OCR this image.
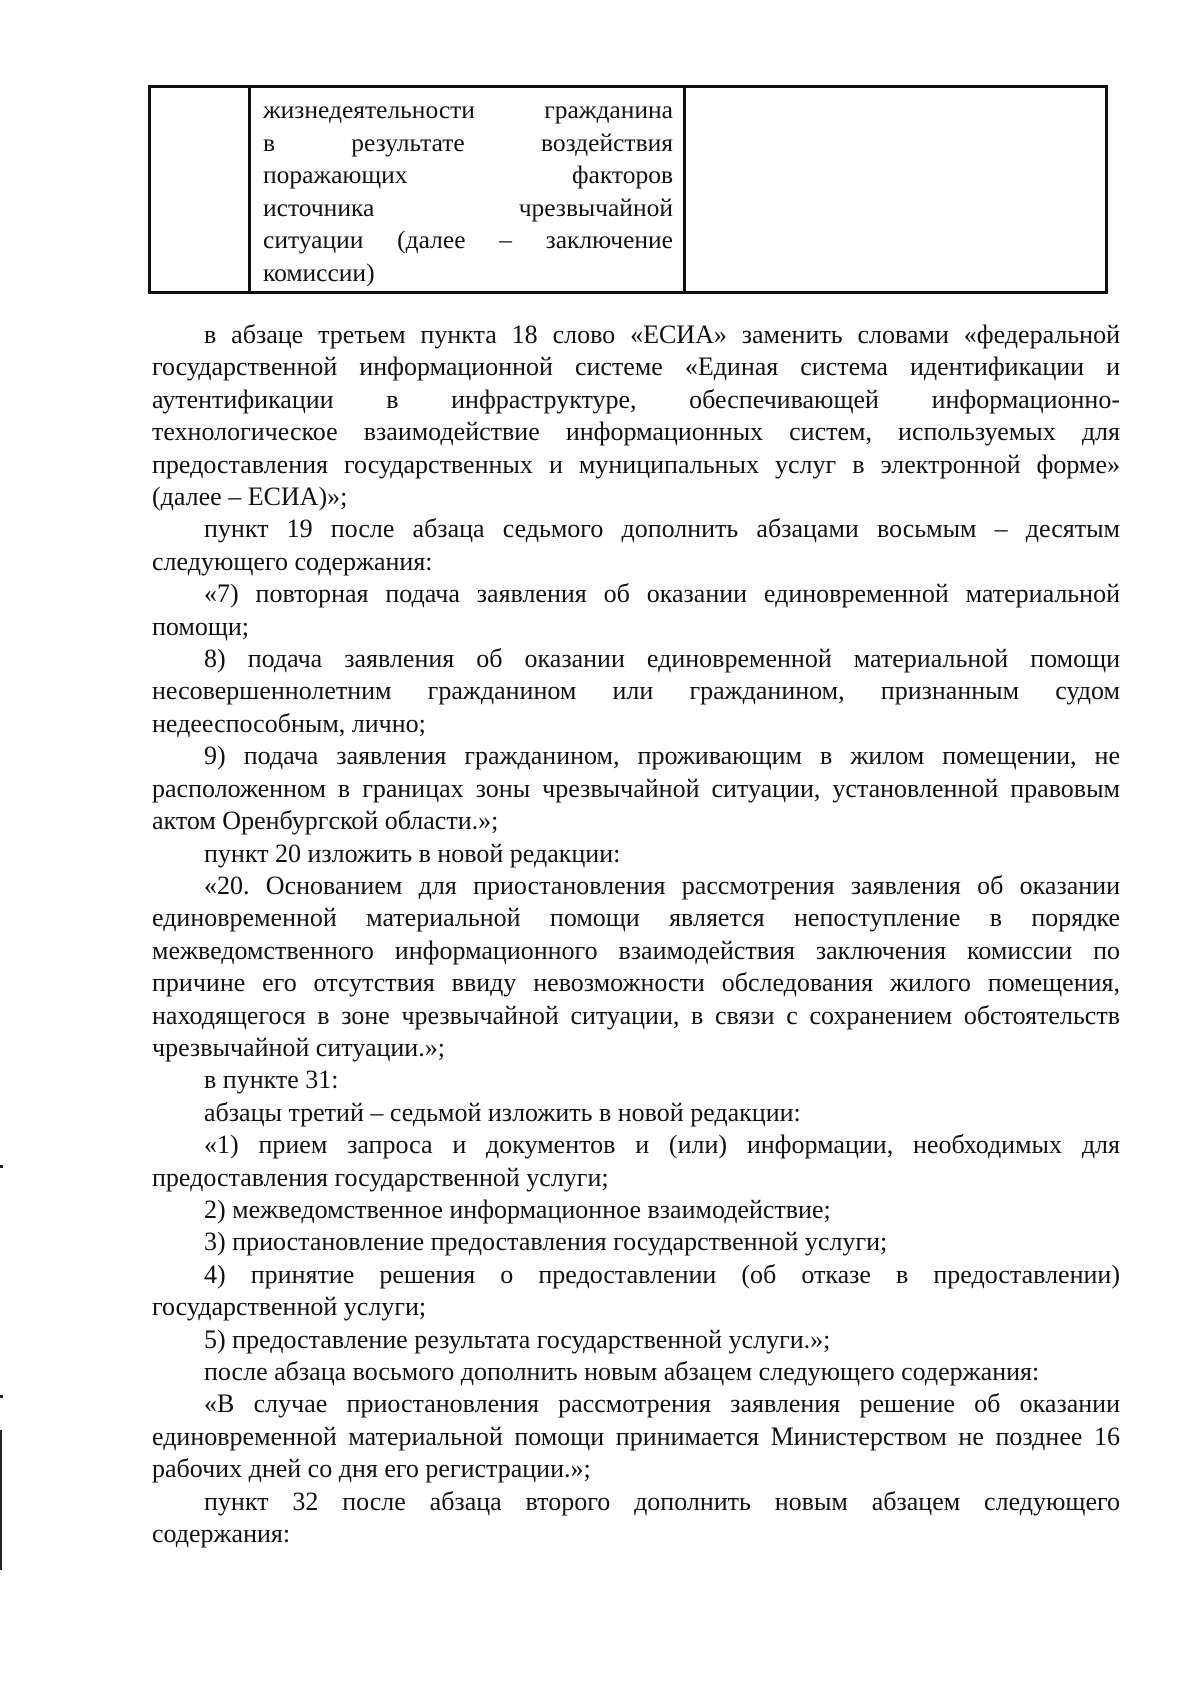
жизнедеятельности гражданина
в результате воздействия
поражающих факторов
источника чрезвычайной
ситуации (далее – заключение
комиссии)

в абзаце третьем пункта 18 слово «ЕСИА» заменить словами «федеральной государственной информационной системе «Единая система идентификации и аутентификации в инфраструктуре, обеспечивающей информационно-технологическое взаимодействие информационных систем, используемых для предоставления государственных и муниципальных услуг в электронной форме» (далее – ЕСИА)»;

пункт 19 после абзаца седьмого дополнить абзацами восьмым – десятым следующего содержания:

«7) повторная подача заявления об оказании единовременной материальной помощи;

8) подача заявления об оказании единовременной материальной помощи несовершеннолетним гражданином или гражданином, признанным судом недееспособным, лично;

9) подача заявления гражданином, проживающим в жилом помещении, не расположенном в границах зоны чрезвычайной ситуации, установленной правовым актом Оренбургской области.»;

пункт 20 изложить в новой редакции:

«20. Основанием для приостановления рассмотрения заявления об оказании единовременной материальной помощи является непоступление в порядке межведомственного информационного взаимодействия заключения комиссии по причине его отсутствия ввиду невозможности обследования жилого помещения, находящегося в зоне чрезвычайной ситуации, в связи с сохранением обстоятельств чрезвычайной ситуации.»;

в пункте 31:

абзацы третий – седьмой изложить в новой редакции:

«1) прием запроса и документов и (или) информации, необходимых для предоставления государственной услуги;

2) межведомственное информационное взаимодействие;

3) приостановление предоставления государственной услуги;

4) принятие решения о предоставлении (об отказе в предоставлении) государственной услуги;

5) предоставление результата государственной услуги.»;

после абзаца восьмого дополнить новым абзацем следующего содержания:

«В случае приостановления рассмотрения заявления решение об оказании единовременной материальной помощи принимается Министерством не позднее 16 рабочих дней со дня его регистрации.»;

пункт 32 после абзаца второго дополнить новым абзацем следующего содержания:
